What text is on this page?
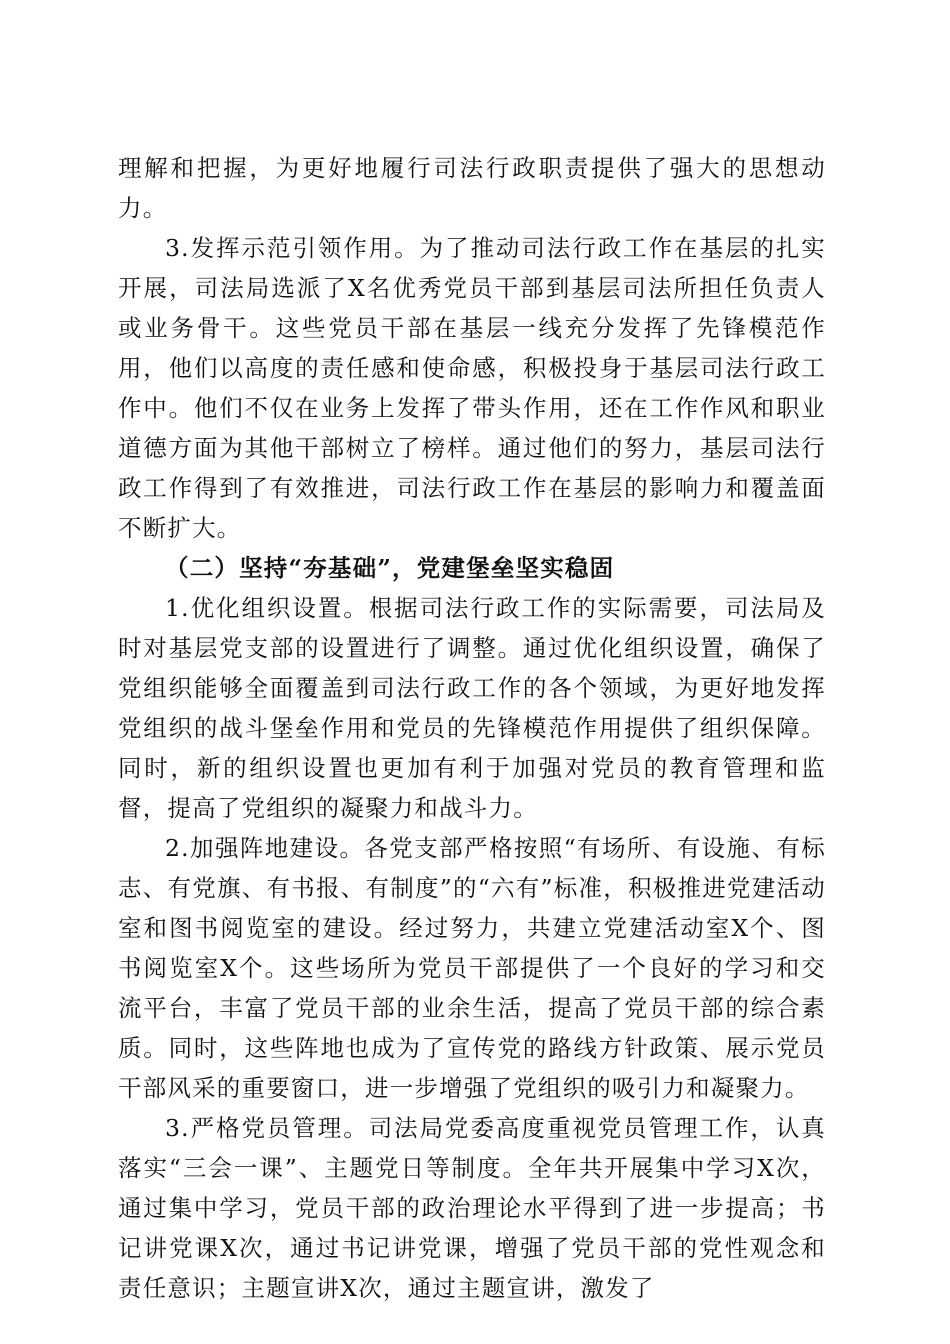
理解和把握，为更好地履行司法行政职责提供了强大的思想动力。

3.发挥示范引领作用。为了推动司法行政工作在基层的扎实开展，司法局选派了X名优秀党员干部到基层司法所担任负责人或业务骨干。这些党员干部在基层一线充分发挥了先锋模范作用，他们以高度的责任感和使命感，积极投身于基层司法行政工作中。他们不仅在业务上发挥了带头作用，还在工作作风和职业道德方面为其他干部树立了榜样。通过他们的努力，基层司法行政工作得到了有效推进，司法行政工作在基层的影响力和覆盖面不断扩大。

（二）坚持“夯基础”，党建堡垒坚实稳固

1.优化组织设置。根据司法行政工作的实际需要，司法局及时对基层党支部的设置进行了调整。通过优化组织设置，确保了党组织能够全面覆盖到司法行政工作的各个领域，为更好地发挥党组织的战斗堡垒作用和党员的先锋模范作用提供了组织保障。同时，新的组织设置也更加有利于加强对党员的教育管理和监督，提高了党组织的凝聚力和战斗力。

2.加强阵地建设。各党支部严格按照“有场所、有设施、有标志、有党旗、有书报、有制度”的“六有”标准，积极推进党建活动室和图书阅览室的建设。经过努力，共建立党建活动室X个、图书阅览室X个。这些场所为党员干部提供了一个良好的学习和交流平台，丰富了党员干部的业余生活，提高了党员干部的综合素质。同时，这些阵地也成为了宣传党的路线方针政策、展示党员干部风采的重要窗口，进一步增强了党组织的吸引力和凝聚力。

3.严格党员管理。司法局党委高度重视党员管理工作，认真落实“三会一课”、主题党日等制度。全年共开展集中学习X次，通过集中学习，党员干部的政治理论水平得到了进一步提高；书记讲党课X次，通过书记讲党课，增强了党员干部的党性观念和责任意识；主题宣讲X次，通过主题宣讲，激发了
